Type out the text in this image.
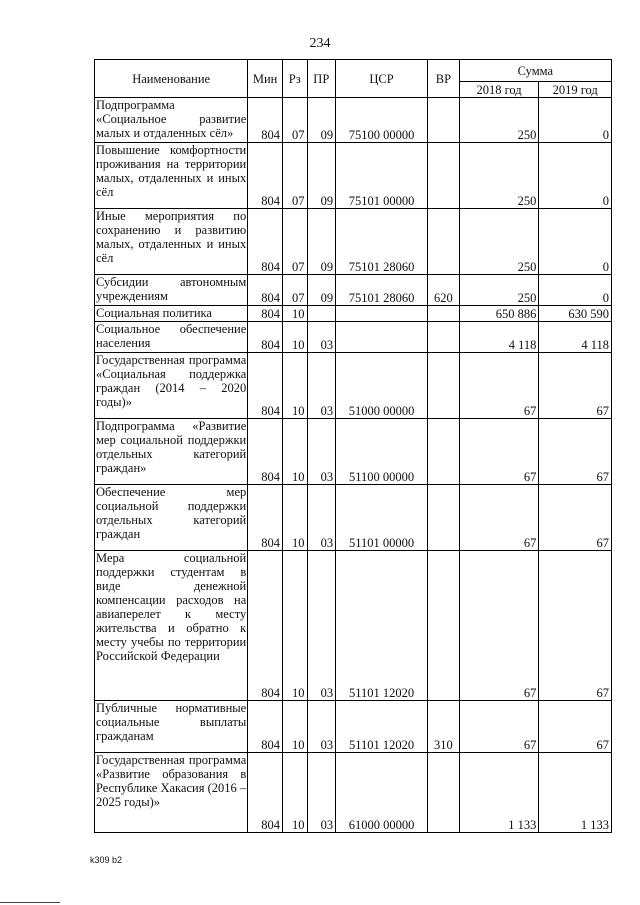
234
Наименование	Мин	Рз	ПР	ЦСР	ВР	Сумма	
						2018 год	2019 год
Подпрограмма «Социальное развитие малых и отдаленных сёл»	804	07	09	75100 00000		250	0
Повышение комфортности проживания на территории малых, отдаленных и иных сёл	804	07	09	75101 00000		250	0
Иные мероприятия по сохранению и развитию малых, отдаленных и иных сёл	804	07	09	75101 28060		250	0
Субсидии автономным учреждениям	804	07	09	75101 28060	620	250	0
Социальная политика	804	10				650 886	630 590
Социальное обеспечение населения	804	10	03			4 118	4 118
Государственная программа «Социальная поддержка граждан (2014 – 2020 годы)»	804	10	03	51000 00000		67	67
Подпрограмма «Развитие мер социальной поддержки отдельных категорий граждан»	804	10	03	51100 00000		67	67
Обеспечение мер социальной поддержки отдельных категорий граждан	804	10	03	51101 00000		67	67
Мера социальной поддержки студентам в виде денежной компенсации расходов на авиаперелет к месту жительства и обратно к месту учебы по территории Российской Федерации	804	10	03	51101 12020		67	67
Публичные нормативные социальные выплаты гражданам	804	10	03	51101 12020	310	67	67
Государственная программа «Развитие образования в Республике Хакасия (2016 – 2025 годы)»	804	10	03	61000 00000		1 133	1 133
k309 b2
